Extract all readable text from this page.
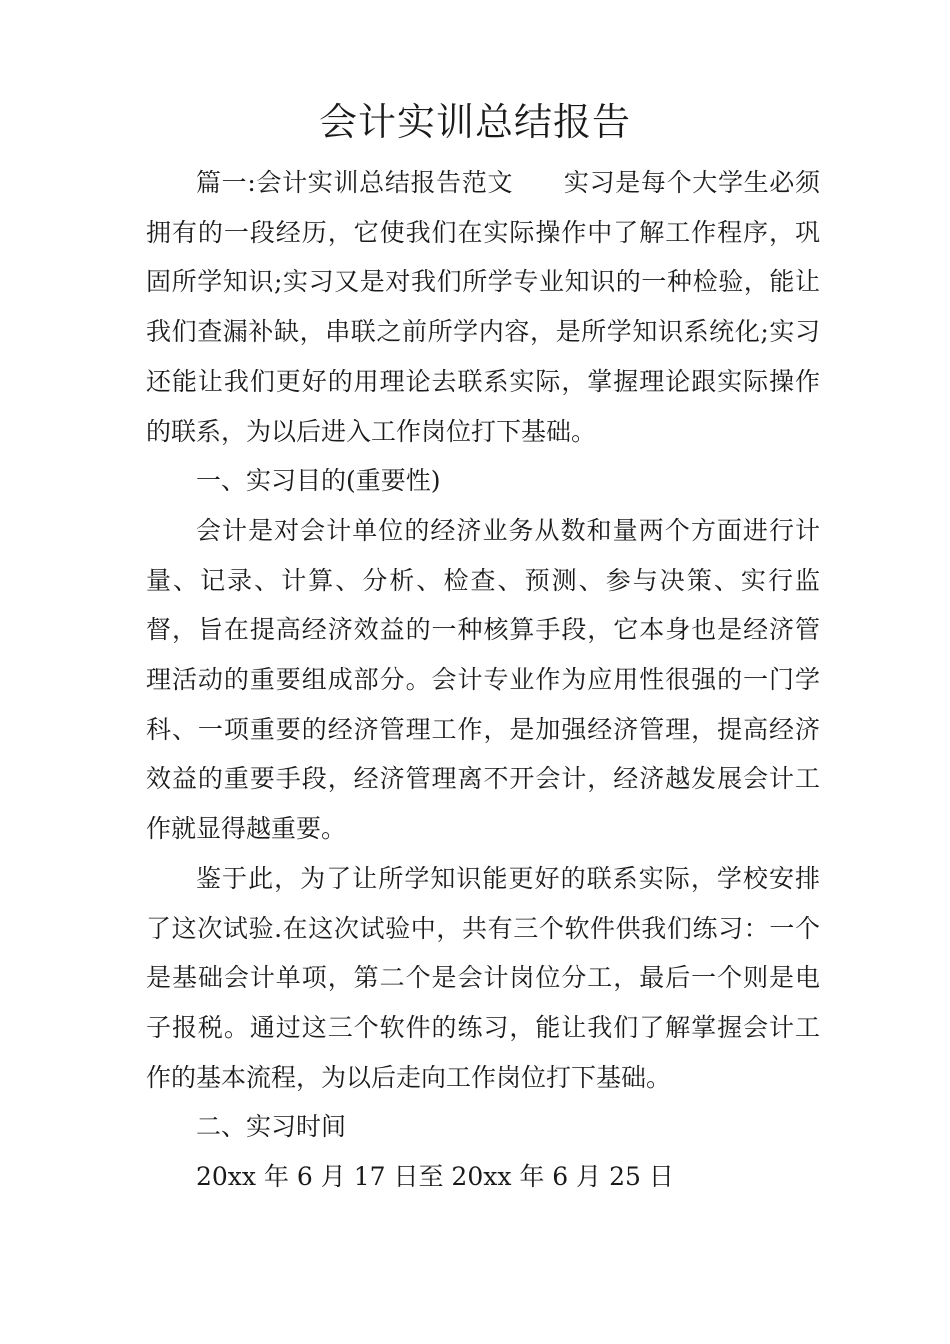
会计实训总结报告

篇一:会计实训总结报告范文 实习是每个大学生必须拥有的一段经历，它使我们在实际操作中了解工作程序，巩固所学知识;实习又是对我们所学专业知识的一种检验，能让我们查漏补缺，串联之前所学内容，是所学知识系统化;实习还能让我们更好的用理论去联系实际，掌握理论跟实际操作的联系，为以后进入工作岗位打下基础。

一、实习目的(重要性)

会计是对会计单位的经济业务从数和量两个方面进行计量、记录、计算、分析、检查、预测、参与决策、实行监督，旨在提高经济效益的一种核算手段，它本身也是经济管理活动的重要组成部分。会计专业作为应用性很强的一门学科、一项重要的经济管理工作，是加强经济管理，提高经济效益的重要手段，经济管理离不开会计，经济越发展会计工作就显得越重要。

鉴于此，为了让所学知识能更好的联系实际，学校安排了这次试验.在这次试验中，共有三个软件供我们练习：一个是基础会计单项，第二个是会计岗位分工，最后一个则是电子报税。通过这三个软件的练习，能让我们了解掌握会计工作的基本流程，为以后走向工作岗位打下基础。

二、实习时间

20xx 年 6 月 17 日至 20xx 年 6 月 25 日
